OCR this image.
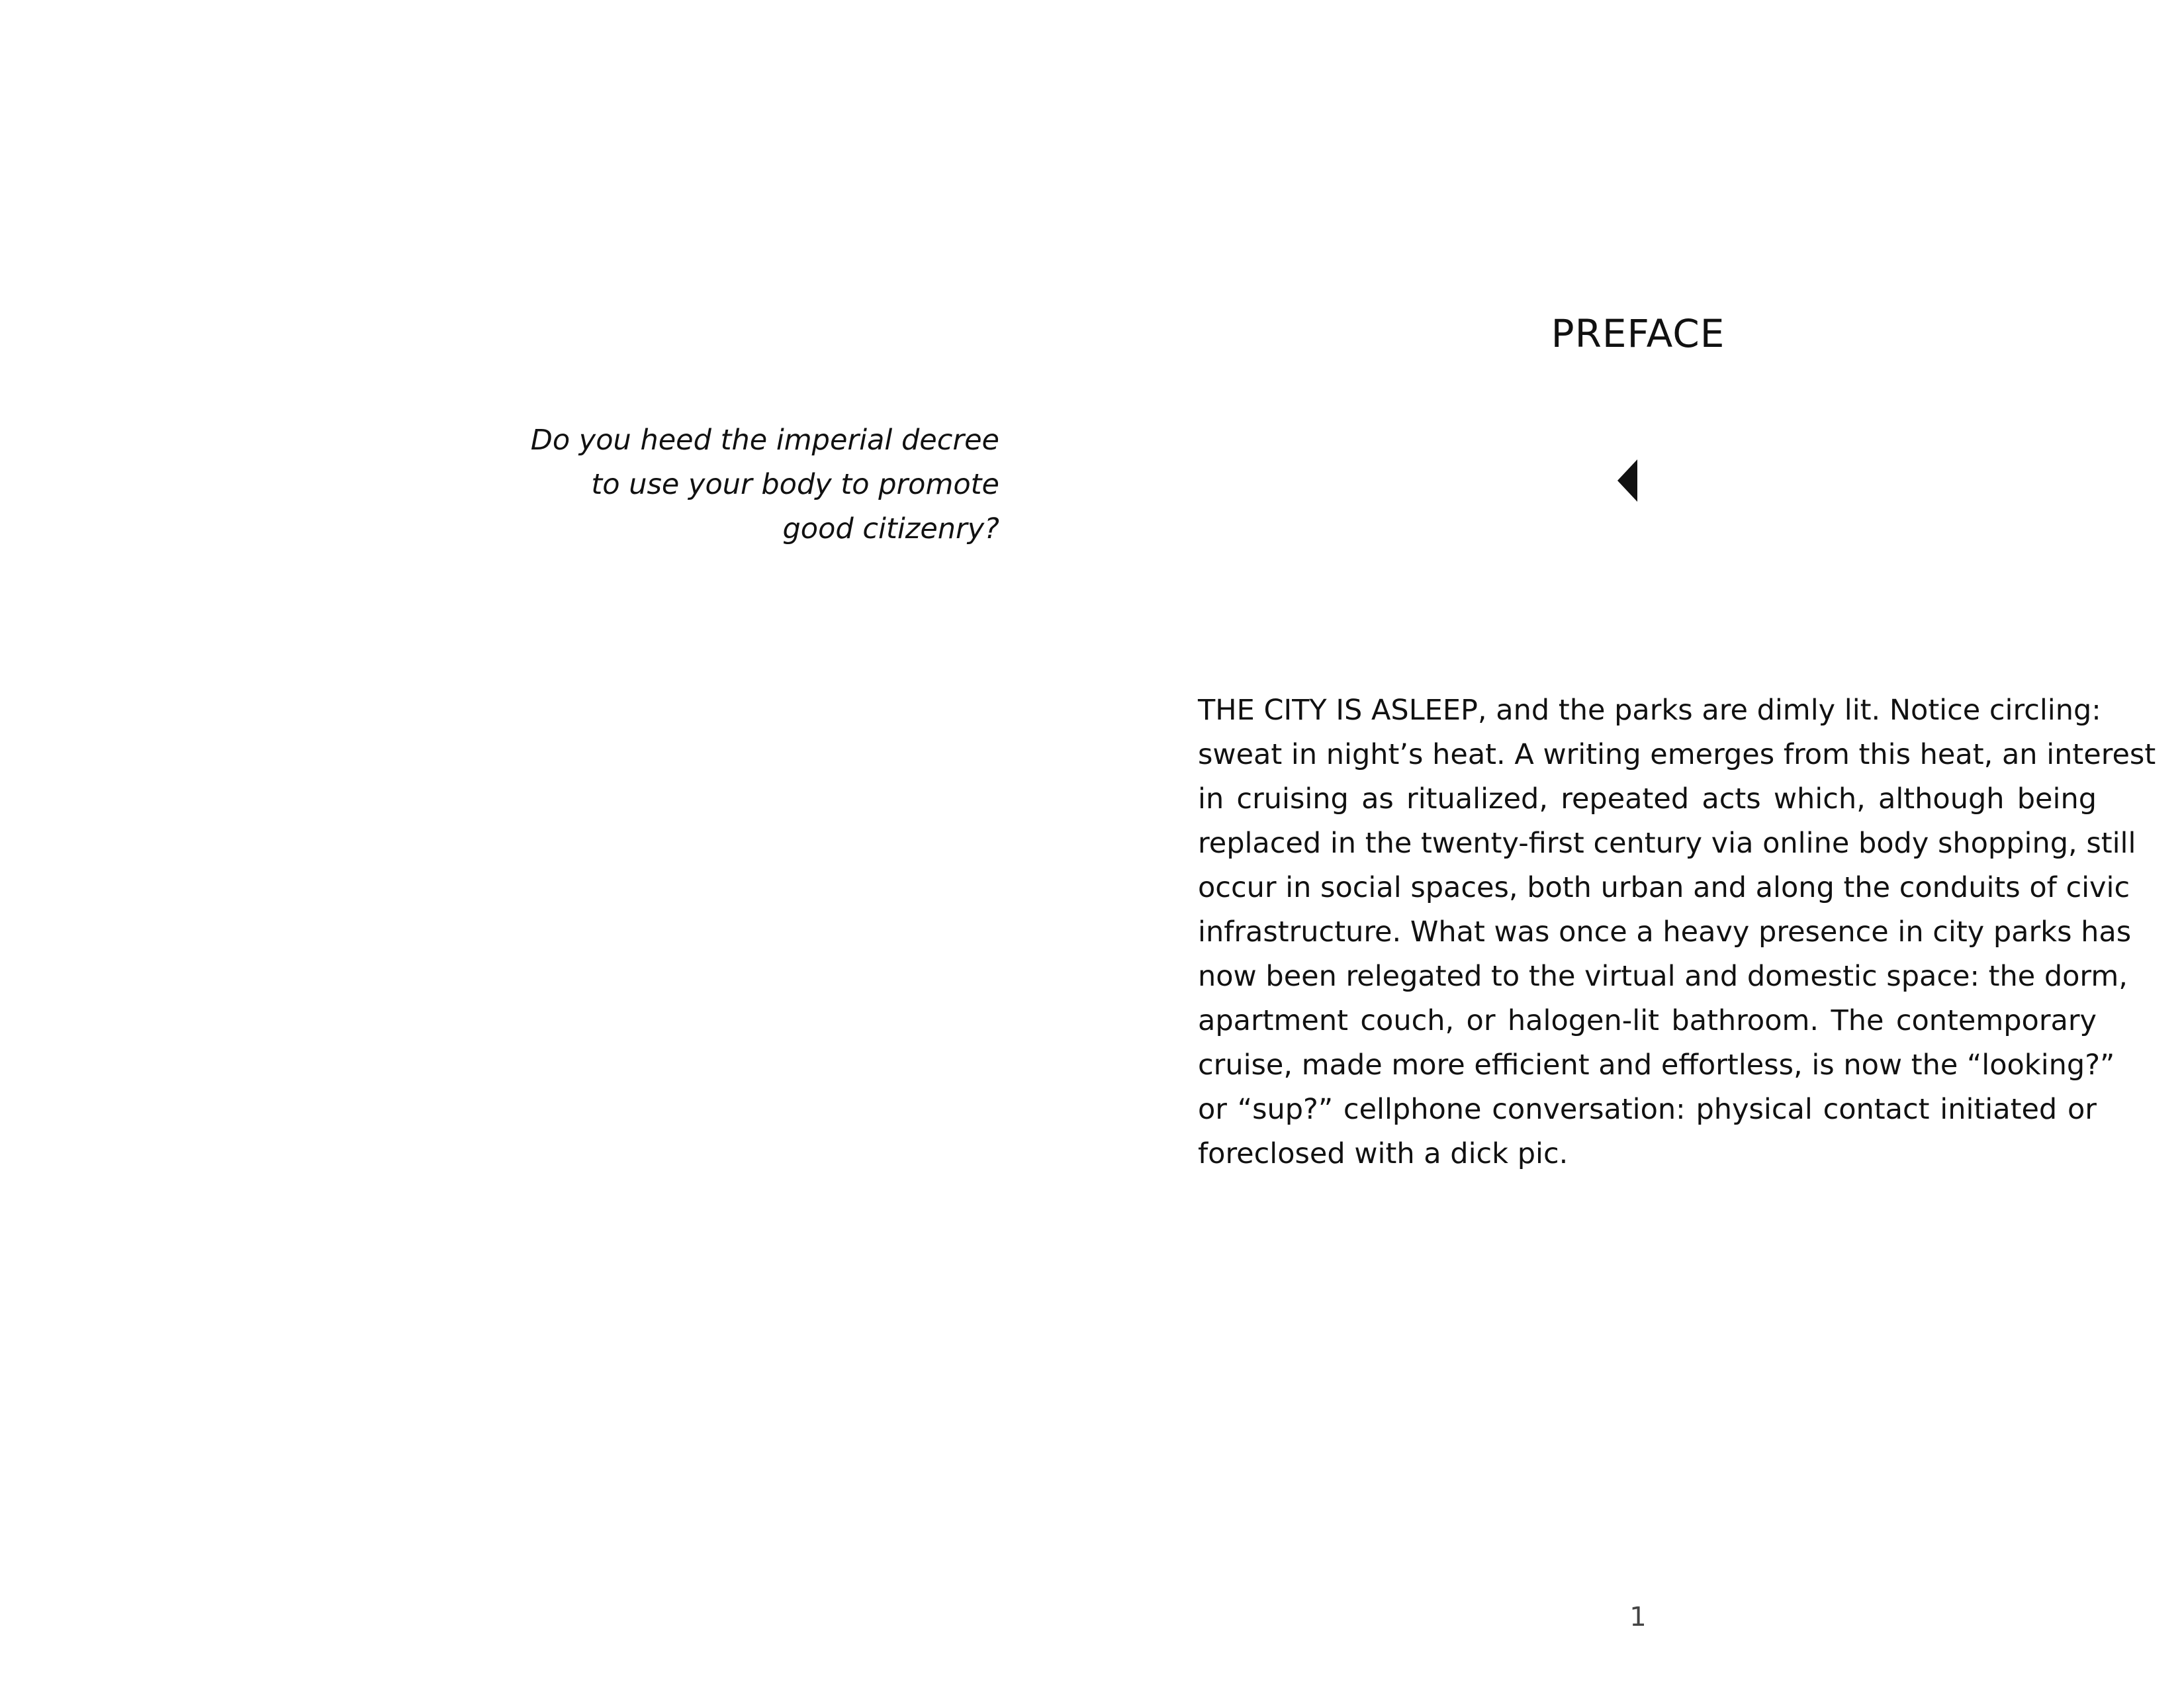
Do you heed the imperial decree
to use your body to promote
good citizenry?

PREFACE

THE CITY IS ASLEEP, and the parks are dimly lit. Notice circling:
sweat in night’s heat. A writing emerges from this heat, an interest
in cruising as ritualized, repeated acts which, although being
replaced in the twenty-first century via online body shopping, still
occur in social spaces, both urban and along the conduits of civic
infrastructure. What was once a heavy presence in city parks has
now been relegated to the virtual and domestic space: the dorm,
apartment couch, or halogen-lit bathroom. The contemporary
cruise, made more efficient and effortless, is now the “looking?”
or “sup?” cellphone conversation: physical contact initiated or
foreclosed with a dick pic.

1
